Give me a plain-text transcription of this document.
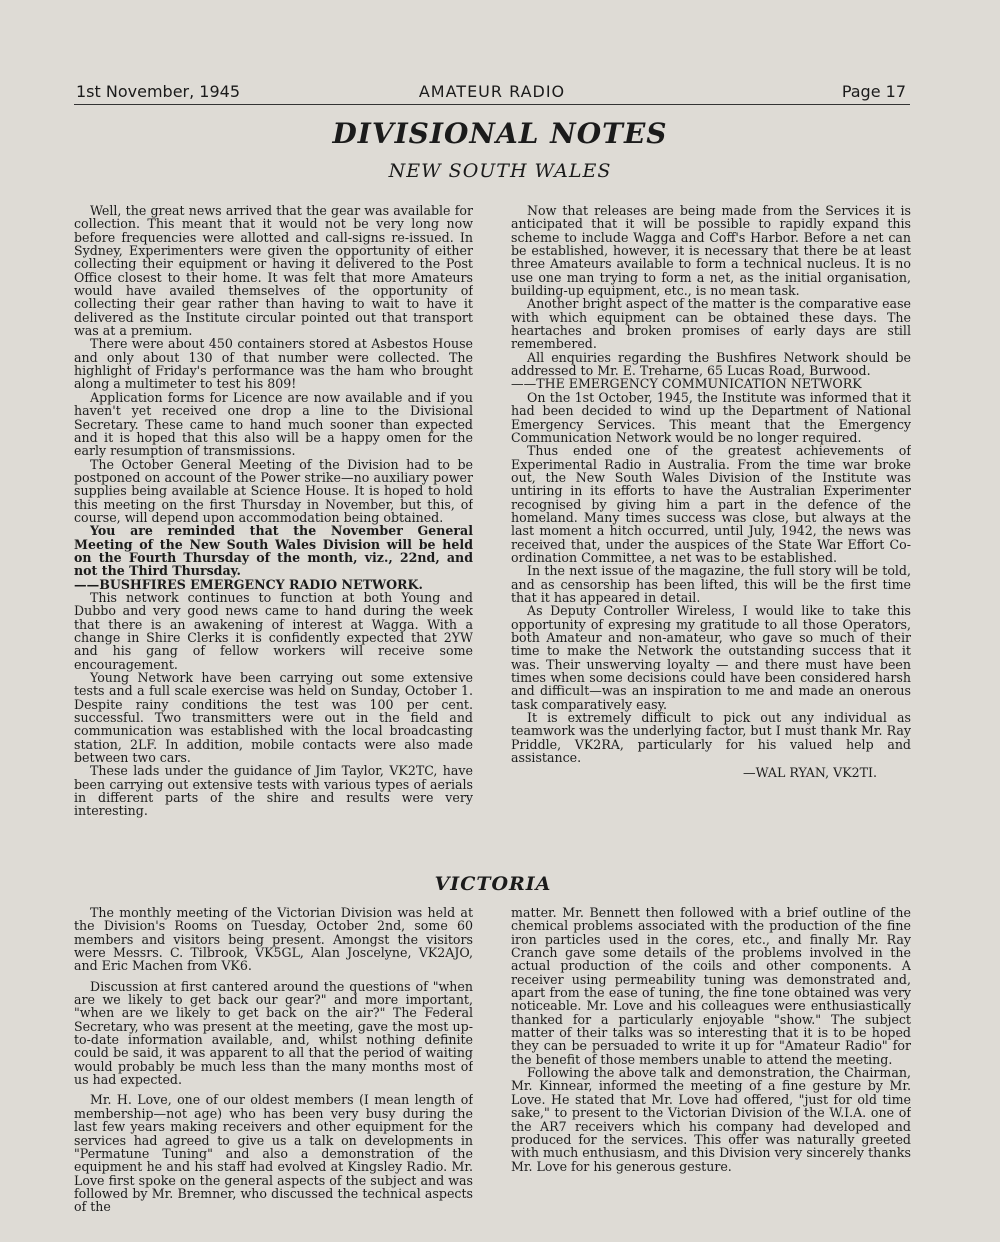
1st November, 1945	AMATEUR RADIO	Page 17
DIVISIONAL NOTES
NEW SOUTH WALES

Well, the great news arrived that the gear was available for collection. This meant that it would not be very long now before frequencies were allotted and call-signs re-issued. In Sydney, Experimenters were given the opportunity of either collecting their equipment or having it delivered to the Post Office closest to their home. It was felt that more Amateurs would have availed themselves of the opportunity of collecting their gear rather than having to wait to have it delivered as the Institute circular pointed out that transport was at a premium.

There were about 450 containers stored at Asbestos House and only about 130 of that number were collected. The highlight of Friday's performance was the ham who brought along a multimeter to test his 809!

Application forms for Licence are now available and if you haven't yet received one drop a line to the Divisional Secretary. These came to hand much sooner than expected and it is hoped that this also will be a happy omen for the early resumption of transmissions.

The October General Meeting of the Division had to be postponed on account of the Power strike—no auxiliary power supplies being available at Science House. It is hoped to hold this meeting on the first Thursday in November, but this, of course, will depend upon accommodation being obtained.

You are reminded that the November General Meeting of the New South Wales Division will be held on the Fourth Thursday of the month, viz., 22nd, and not the Third Thursday.

——BUSHFIRES EMERGENCY RADIO NETWORK.

This network continues to function at both Young and Dubbo and very good news came to hand during the week that there is an awakening of interest at Wagga. With a change in Shire Clerks it is confidently expected that 2YW and his gang of fellow workers will receive some encouragement.

Young Network have been carrying out some extensive tests and a full scale exercise was held on Sunday, October 1. Despite rainy conditions the test was 100 per cent. successful. Two transmitters were out in the field and communication was established with the local broadcasting station, 2LF. In addition, mobile contacts were also made between two cars.

These lads under the guidance of Jim Taylor, VK2TC, have been carrying out extensive tests with various types of aerials in different parts of the shire and results were very interesting.

Now that releases are being made from the Services it is anticipated that it will be possible to rapidly expand this scheme to include Wagga and Coff's Harbor. Before a net can be established, however, it is necessary that there be at least three Amateurs available to form a technical nucleus. It is no use one man trying to form a net, as the initial organisation, building-up equipment, etc., is no mean task.

Another bright aspect of the matter is the comparative ease with which equipment can be obtained these days. The heartaches and broken promises of early days are still remembered.

All enquiries regarding the Bushfires Network should be addressed to Mr. E. Treharne, 65 Lucas Road, Burwood.

——THE EMERGENCY COMMUNICATION NETWORK

On the 1st October, 1945, the Institute was informed that it had been decided to wind up the Department of National Emergency Services. This meant that the Emergency Communication Network would be no longer required.

Thus ended one of the greatest achievements of Experimental Radio in Australia. From the time war broke out, the New South Wales Division of the Institute was untiring in its efforts to have the Australian Experimenter recognised by giving him a part in the defence of the homeland. Many times success was close, but always at the last moment a hitch occurred, until July, 1942, the news was received that, under the auspices of the State War Effort Co-ordination Committee, a net was to be established.

In the next issue of the magazine, the full story will be told, and as censorship has been lifted, this will be the first time that it has appeared in detail.

As Deputy Controller Wireless, I would like to take this opportunity of expresing my gratitude to all those Operators, both Amateur and non-amateur, who gave so much of their time to make the Network the outstanding success that it was. Their unswerving loyalty — and there must have been times when some decisions could have been considered harsh and difficult—was an inspiration to me and made an onerous task comparatively easy.

It is extremely difficult to pick out any individual as teamwork was the underlying factor, but I must thank Mr. Ray Priddle, VK2RA, particularly for his valued help and assistance.

—WAL RYAN, VK2TI.

VICTORIA

The monthly meeting of the Victorian Division was held at the Division's Rooms on Tuesday, October 2nd, some 60 members and visitors being present. Amongst the visitors were Messrs. C. Tilbrook, VK5GL, Alan Joscelyne, VK2AJO, and Eric Machen from VK6.

Discussion at first cantered around the questions of "when are we likely to get back our gear?" and more important, "when are we likely to get back on the air?" The Federal Secretary, who was present at the meeting, gave the most up-to-date information available, and, whilst nothing definite could be said, it was apparent to all that the period of waiting would probably be much less than the many months most of us had expected.

Mr. H. Love, one of our oldest members (I mean length of membership—not age) who has been very busy during the last few years making receivers and other equipment for the services had agreed to give us a talk on developments in "Permatune Tuning" and also a demonstration of the equipment he and his staff had evolved at Kingsley Radio. Mr. Love first spoke on the general aspects of the subject and was followed by Mr. Bremner, who discussed the technical aspects of the

matter. Mr. Bennett then followed with a brief outline of the chemical problems associated with the production of the fine iron particles used in the cores, etc., and finally Mr. Ray Cranch gave some details of the problems involved in the actual production of the coils and other components. A receiver using permeability tuning was demonstrated and, apart from the ease of tuning, the fine tone obtained was very noticeable. Mr. Love and his colleagues were enthusiastically thanked for a particularly enjoyable "show." The subject matter of their talks was so interesting that it is to be hoped they can be persuaded to write it up for "Amateur Radio" for the benefit of those members unable to attend the meeting.

Following the above talk and demonstration, the Chairman, Mr. Kinnear, informed the meeting of a fine gesture by Mr. Love. He stated that Mr. Love had offered, "just for old time sake," to present to the Victorian Division of the W.I.A. one of the AR7 receivers which his company had developed and produced for the services. This offer was naturally greeted with much enthusiasm, and this Division very sincerely thanks Mr. Love for his generous gesture.
